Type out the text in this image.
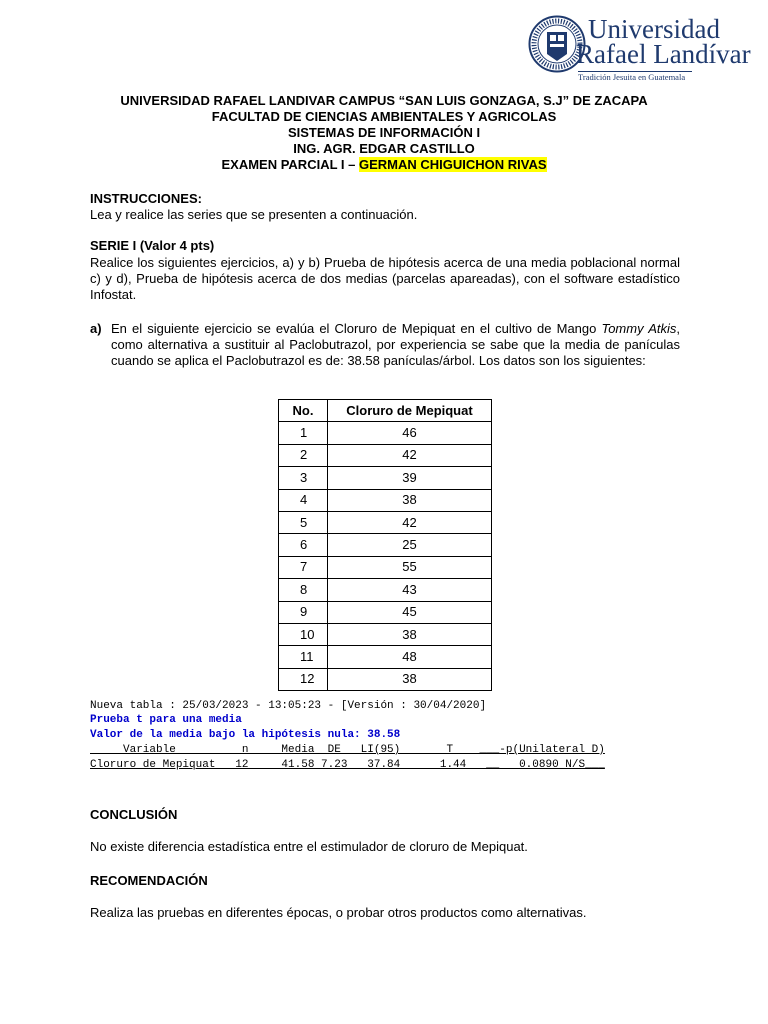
Universidad
Rafael Landívar
Tradición Jesuita en Guatemala
UNIVERSIDAD RAFAEL LANDIVAR CAMPUS “SAN LUIS GONZAGA, S.J” DE ZACAPA
FACULTAD DE CIENCIAS AMBIENTALES Y AGRICOLAS
SISTEMAS DE INFORMACIÓN I
ING. AGR. EDGAR CASTILLO
EXAMEN PARCIAL I – GERMAN CHIGUICHON RIVAS
INSTRUCCIONES:
Lea y realice las series que se presenten a continuación.
SERIE I (Valor 4 pts)
Realice los siguientes ejercicios, a) y b) Prueba de hipótesis acerca de una media poblacional normal c) y d), Prueba de hipótesis acerca de dos medias (parcelas apareadas), con el software estadístico Infostat.
a) En el siguiente ejercicio se evalúa el Cloruro de Mepiquat en el cultivo de Mango Tommy Atkis, como alternativa a sustituir al Paclobutrazol, por experiencia se sabe que la media de panículas cuando se aplica el Paclobutrazol es de: 38.58 panículas/árbol. Los datos son los siguientes:
No.	Cloruro de Mepiquat
1	46
2	42
3	39
4	38
5	42
6	25
7	55
8	43
9	45
10	38
11	48
12	38
Nueva tabla : 25/03/2023 - 13:05:23 - [Versión : 30/04/2020]
Prueba t para una media
Valor de la media bajo la hipótesis nula: 38.58
Variable          n     Media  DE   LI(95)       T    ___-p(Unilateral D)
Cloruro de Mepiquat   12     41.58 7.23   37.84      1.44   __   0.0890 N/S___
CONCLUSIÓN
No existe diferencia estadística entre el estimulador de cloruro de Mepiquat.
RECOMENDACIÓN
Realiza las pruebas en diferentes épocas, o probar otros productos como alternativas.
